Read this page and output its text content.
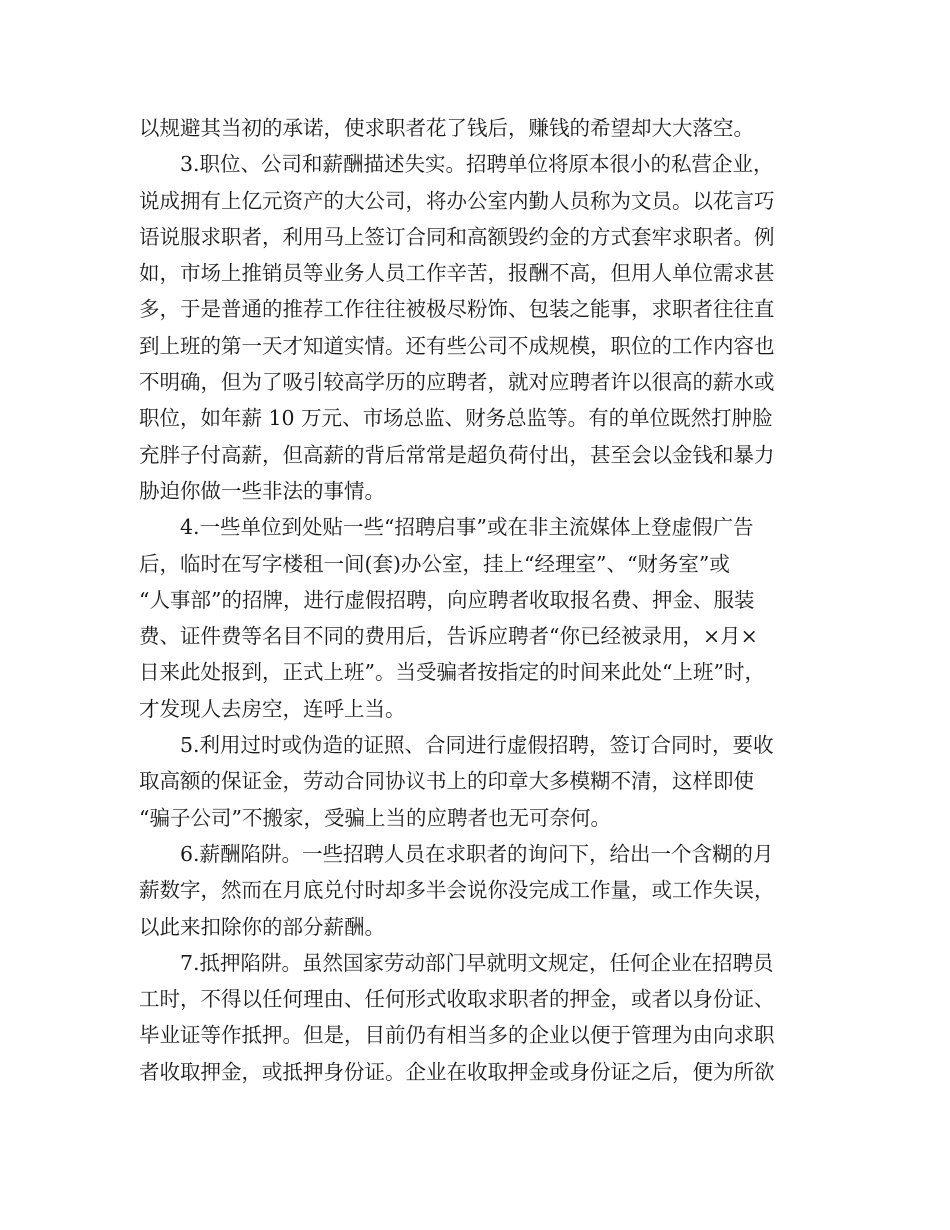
以规避其当初的承诺，使求职者花了钱后，赚钱的希望却大大落空。
3.职位、公司和薪酬描述失实。招聘单位将原本很小的私营企业，
说成拥有上亿元资产的大公司，将办公室内勤人员称为文员。以花言巧
语说服求职者，利用马上签订合同和高额毁约金的方式套牢求职者。例
如，市场上推销员等业务人员工作辛苦，报酬不高，但用人单位需求甚
多，于是普通的推荐工作往往被极尽粉饰、包装之能事，求职者往往直
到上班的第一天才知道实情。还有些公司不成规模，职位的工作内容也
不明确，但为了吸引较高学历的应聘者，就对应聘者许以很高的薪水或
职位，如年薪 10 万元、市场总监、财务总监等。有的单位既然打肿脸
充胖子付高薪，但高薪的背后常常是超负荷付出，甚至会以金钱和暴力
胁迫你做一些非法的事情。
4.一些单位到处贴一些“招聘启事”或在非主流媒体上登虚假广告
后，临时在写字楼租一间(套)办公室，挂上“经理室”、“财务室”或
“人事部”的招牌，进行虚假招聘，向应聘者收取报名费、押金、服装
费、证件费等名目不同的费用后，告诉应聘者“你已经被录用，×月×
日来此处报到，正式上班”。当受骗者按指定的时间来此处“上班”时，
才发现人去房空，连呼上当。
5.利用过时或伪造的证照、合同进行虚假招聘，签订合同时，要收
取高额的保证金，劳动合同协议书上的印章大多模糊不清，这样即使
“骗子公司”不搬家，受骗上当的应聘者也无可奈何。
6.薪酬陷阱。一些招聘人员在求职者的询问下，给出一个含糊的月
薪数字，然而在月底兑付时却多半会说你没完成工作量，或工作失误，
以此来扣除你的部分薪酬。
7.抵押陷阱。虽然国家劳动部门早就明文规定，任何企业在招聘员
工时，不得以任何理由、任何形式收取求职者的押金，或者以身份证、
毕业证等作抵押。但是，目前仍有相当多的企业以便于管理为由向求职
者收取押金，或抵押身份证。企业在收取押金或身份证之后，便为所欲
